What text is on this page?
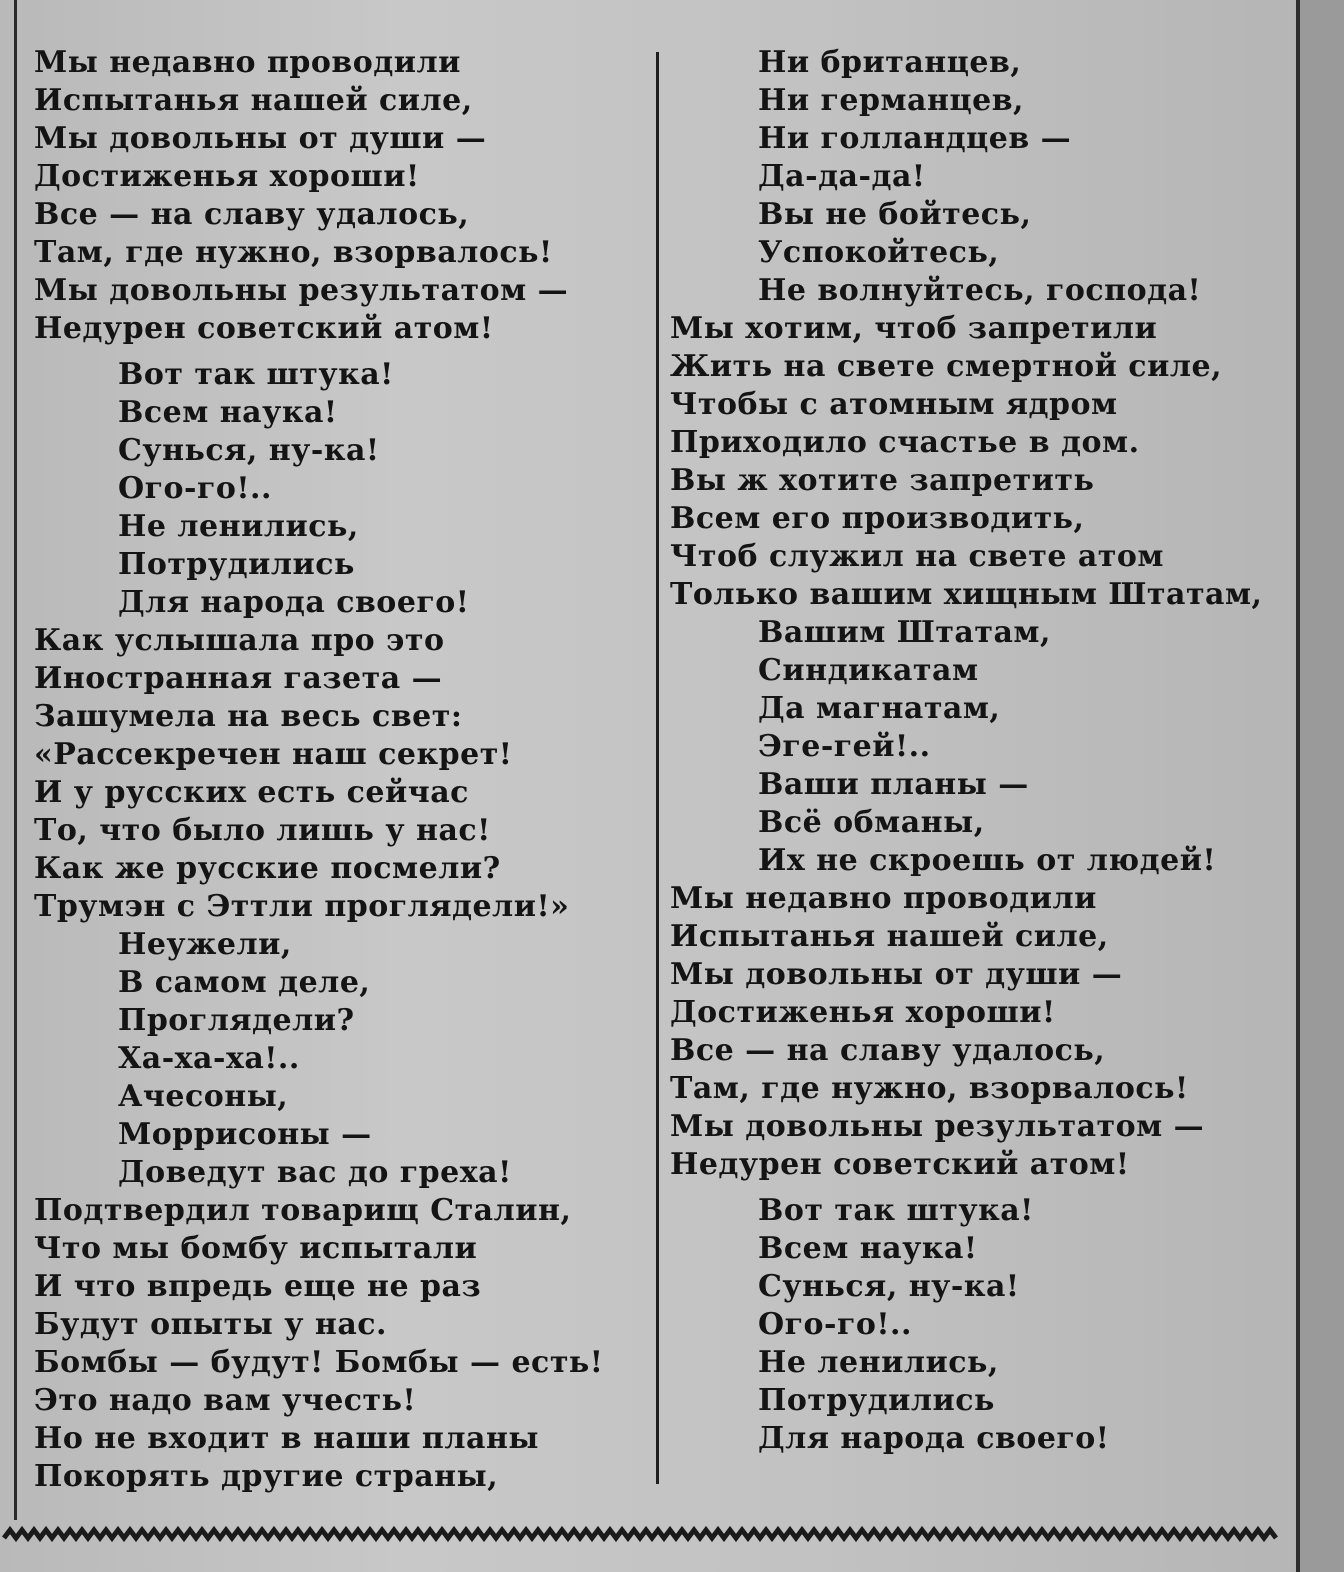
Мы недавно проводили
Испытанья нашей силе,
Мы довольны от души —
Достиженья хороши!
Все — на славу удалось,
Там, где нужно, взорвалось!
Мы довольны результатом —
Недурен советский атом!
Вот так штука!
Всем наука!
Сунься, ну-ка!
Ого-го!..
Не ленились,
Потрудились
Для народа своего!
Как услышала про это
Иностранная газета —
Зашумела на весь свет:
«Рассекречен наш секрет!
И у русских есть сейчас
То, что было лишь у нас!
Как же русские посмели?
Трумэн с Эттли проглядели!»
Неужели,
В самом деле,
Проглядели?
Ха-ха-ха!..
Ачесоны,
Моррисоны —
Доведут вас до греха!
Подтвердил товарищ Сталин,
Что мы бомбу испытали
И что впредь еще не раз
Будут опыты у нас.
Бомбы — будут! Бомбы — есть!
Это надо вам учесть!
Но не входит в наши планы
Покорять другие страны,
Ни британцев,
Ни германцев,
Ни голландцев —
Да-да-да!
Вы не бойтесь,
Успокойтесь,
Не волнуйтесь, господа!
Мы хотим, чтоб запретили
Жить на свете смертной силе,
Чтобы с атомным ядром
Приходило счастье в дом.
Вы ж хотите запретить
Всем его производить,
Чтоб служил на свете атом
Только вашим хищным Штатам,
Вашим Штатам,
Синдикатам
Да магнатам,
Эге-гей!..
Ваши планы —
Всё обманы,
Их не скроешь от людей!
Мы недавно проводили
Испытанья нашей силе,
Мы довольны от души —
Достиженья хороши!
Все — на славу удалось,
Там, где нужно, взорвалось!
Мы довольны результатом —
Недурен советский атом!
Вот так штука!
Всем наука!
Сунься, ну-ка!
Ого-го!..
Не ленились,
Потрудились
Для народа своего!
